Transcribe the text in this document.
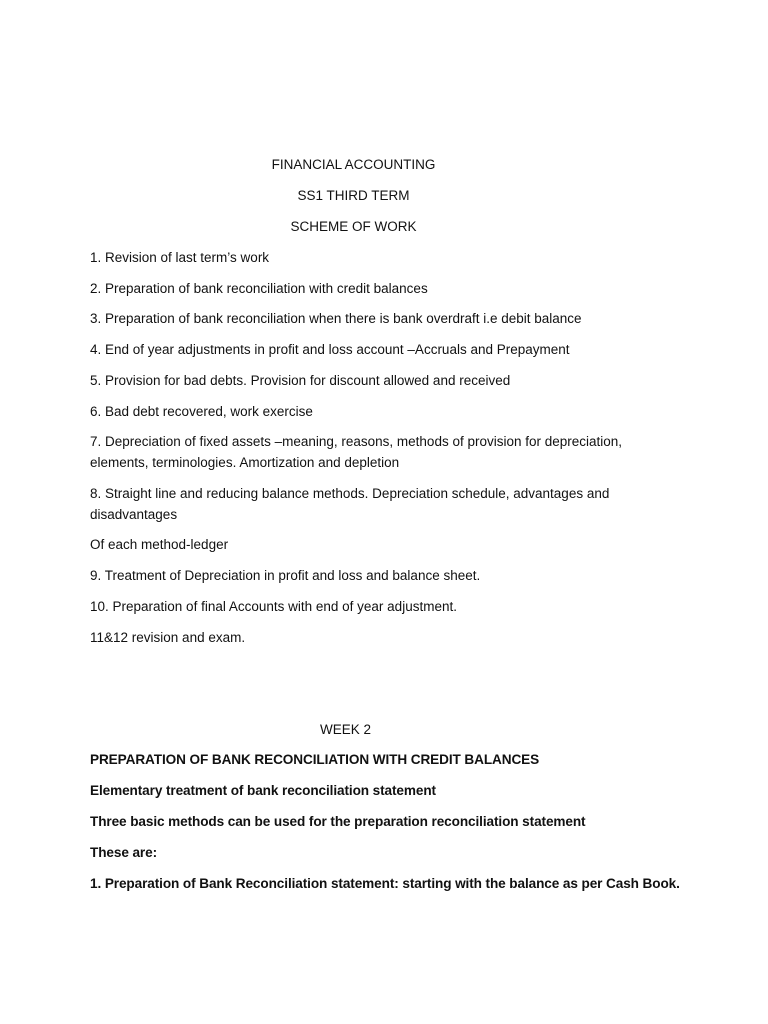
FINANCIAL ACCOUNTING
SS1 THIRD TERM
SCHEME OF WORK
1. Revision of last term’s work
2. Preparation of bank reconciliation with credit balances
3. Preparation of bank reconciliation when there is bank overdraft i.e debit balance
4. End of year adjustments in profit and loss account –Accruals and Prepayment
5. Provision for bad debts. Provision for discount allowed and received
6. Bad debt recovered, work exercise
7. Depreciation of fixed assets –meaning, reasons, methods of provision for depreciation, elements, terminologies. Amortization and depletion
8. Straight line and reducing balance methods. Depreciation schedule, advantages and disadvantages
Of each method-ledger
9. Treatment of Depreciation in profit and loss and balance sheet.
10. Preparation of final Accounts with end of year adjustment.
11&12 revision and exam.
WEEK 2
PREPARATION OF BANK RECONCILIATION WITH CREDIT BALANCES
Elementary treatment of bank reconciliation statement
Three basic methods can be used for the preparation reconciliation statement
These are:
1. Preparation of Bank Reconciliation statement: starting with the balance as per Cash Book.
